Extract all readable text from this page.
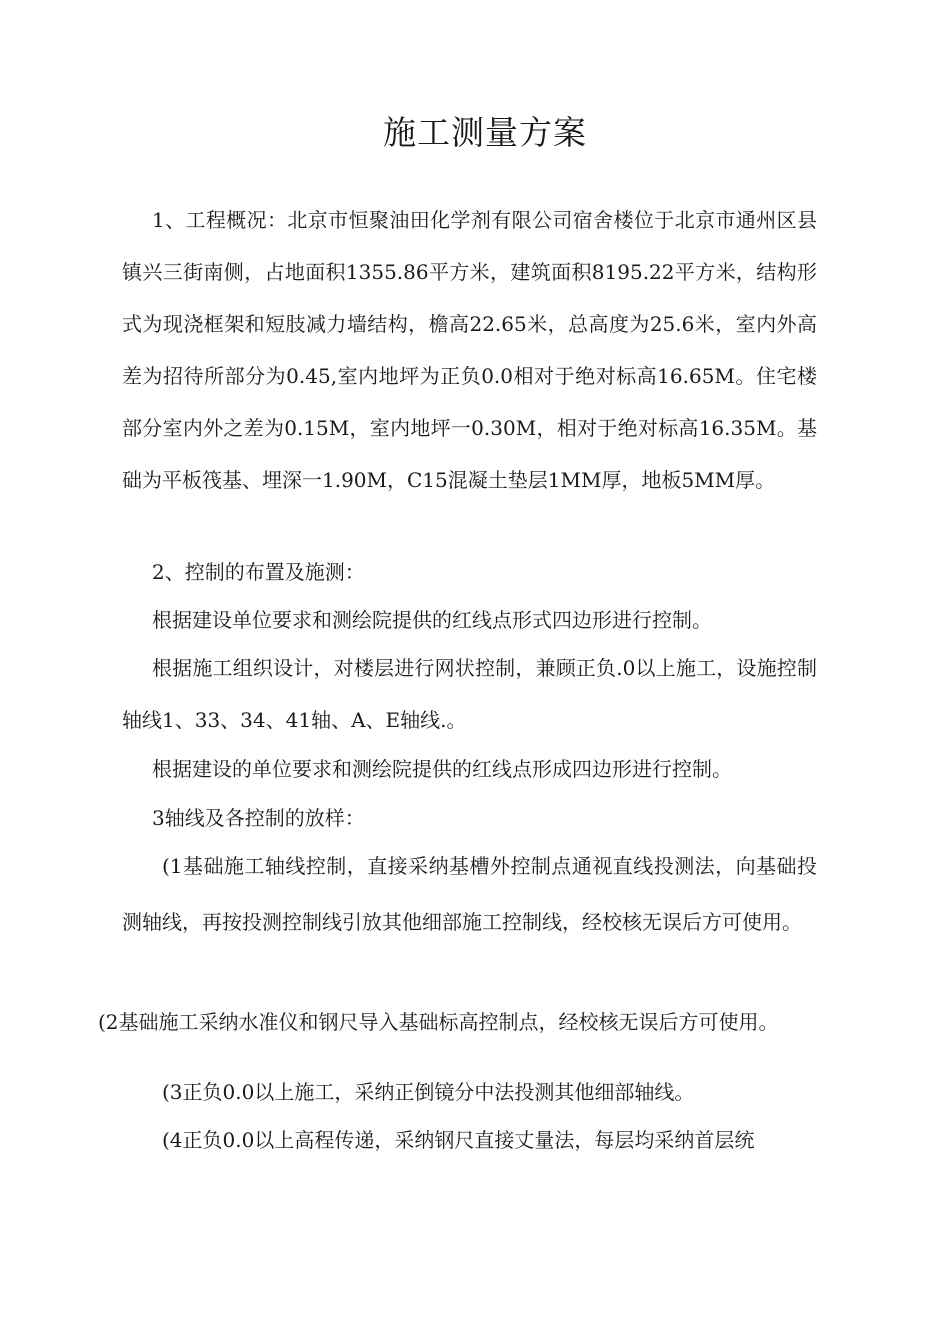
施工测量方案

1、工程概况：北京市恒聚油田化学剂有限公司宿舍楼位于北京市通州区县镇兴三街南侧，占地面积1355.86平方米，建筑面积8195.22平方米，结构形式为现浇框架和短肢减力墙结构，檐高22.65米，总高度为25.6米，室内外高差为招待所部分为0.45,室内地坪为正负0.0相对于绝对标高16.65M。住宅楼部分室内外之差为0.15M，室内地坪一0.30M，相对于绝对标高16.35M。基础为平板筏基、埋深一1.90M，C15混凝土垫层1MM厚，地板5MM厚。

2、控制的布置及施测：

根据建设单位要求和测绘院提供的红线点形式四边形进行控制。

根据施工组织设计，对楼层进行网状控制，兼顾正负.0以上施工，设施控制轴线1、33、34、41轴、A、E轴线.。

根据建设的单位要求和测绘院提供的红线点形成四边形进行控制。

3轴线及各控制的放样：

(1基础施工轴线控制，直接采纳基槽外控制点通视直线投测法，向基础投测轴线，再按投测控制线引放其他细部施工控制线，经校核无误后方可使用。

(2基础施工采纳水准仪和钢尺导入基础标高控制点，经校核无误后方可使用。

(3正负0.0以上施工，采纳正倒镜分中法投测其他细部轴线。

(4正负0.0以上高程传递，采纳钢尺直接丈量法，每层均采纳首层统
